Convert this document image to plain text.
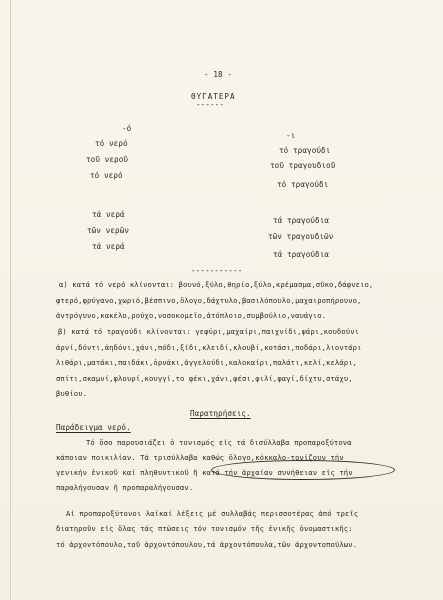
- 18 -
ΘΥΓΑΤΕΡΑ
------
-ό
τό νερό
τοῦ νεροῦ
τό νερό
τά νερά
τῶν νερῶν
τά νερά
-ι
τό τραγούδι
τοῦ τραγουδιοῦ
τό τραγούδι
τά τραγούδια
τῶν τραγουδιῶν
τά τραγούδια
-----------
α) κατά τό νερό κλίνονται: βουνό,ξύλο,θηρίο,ξύλο,κρέμασμα,σῦκο,δάφνειο,
φτερό,φρύγανο,χωριό,βέσπινο,ὅλογο,δάχτυλο,βασιλόπουλο,μαχαιροπήρουνο,
ἀντρόγυνο,κακέλο,ρούχο,νοσοκομεῖο,ἀτόπλοιο,συμβούλιο,ναυάγιο.
β) κατά τό τραγούδι κλίνονται: γεφύρι,μαχαίρι,παιχνίδι,ψάρι,κουδούνι
ἀρνί,δόντι,ἀηδόνι,χάνι,πόδι,ξίδι,κλειδί,κλουβί,κοτάσι,ποδάρι,λιοντάρι
λιθάρι,ματάκι,παιδάκι,ὀρνάκι,ἀγγελούδι,καλοκαίρι,παλάτι,κελί,κελάρι,
σπίτι,σκαμνί,φλουρί,κουγγί,το φέκι,χάνι,φέσι,φιλί,φαγί,δίχτυ,στάχυ,
βυθίου.
Παρατηρήσεις.
Παράδειγμα νερό.
Τό ὅσο παρουσιάζει ὁ τονισμός εἰς τά δισύλλαβα προπαροξύτονα
κάποιαν ποικιλίαν. Τά τρισύλλαβα καθώς ὅλογο,κόκκαλο-τονίζουν τήν
γενικήν ἑνικοῦ καί πληθυντικοῦ ἤ κατά τήν ἀρχαίαν συνήθειαν εἰς τήν
παραλήγουσαν ἤ προπαραλήγουσαν.
Αἱ προπαροξύτονοι λαϊκαί λέξεις μέ συλλαβάς περισσοτέρας ἀπό τρεῖς
διατηροῦν εἰς ὅλας τάς πτώσεις τόν τονισμόν τῆς ἑνικῆς ὀνομαστικῆς:
τό ἀρχοντόπουλο,τοῦ ἀρχοντόπουλου,τά ἀρχοντόπουλα,τῶν ἀρχοντοπούλων.
